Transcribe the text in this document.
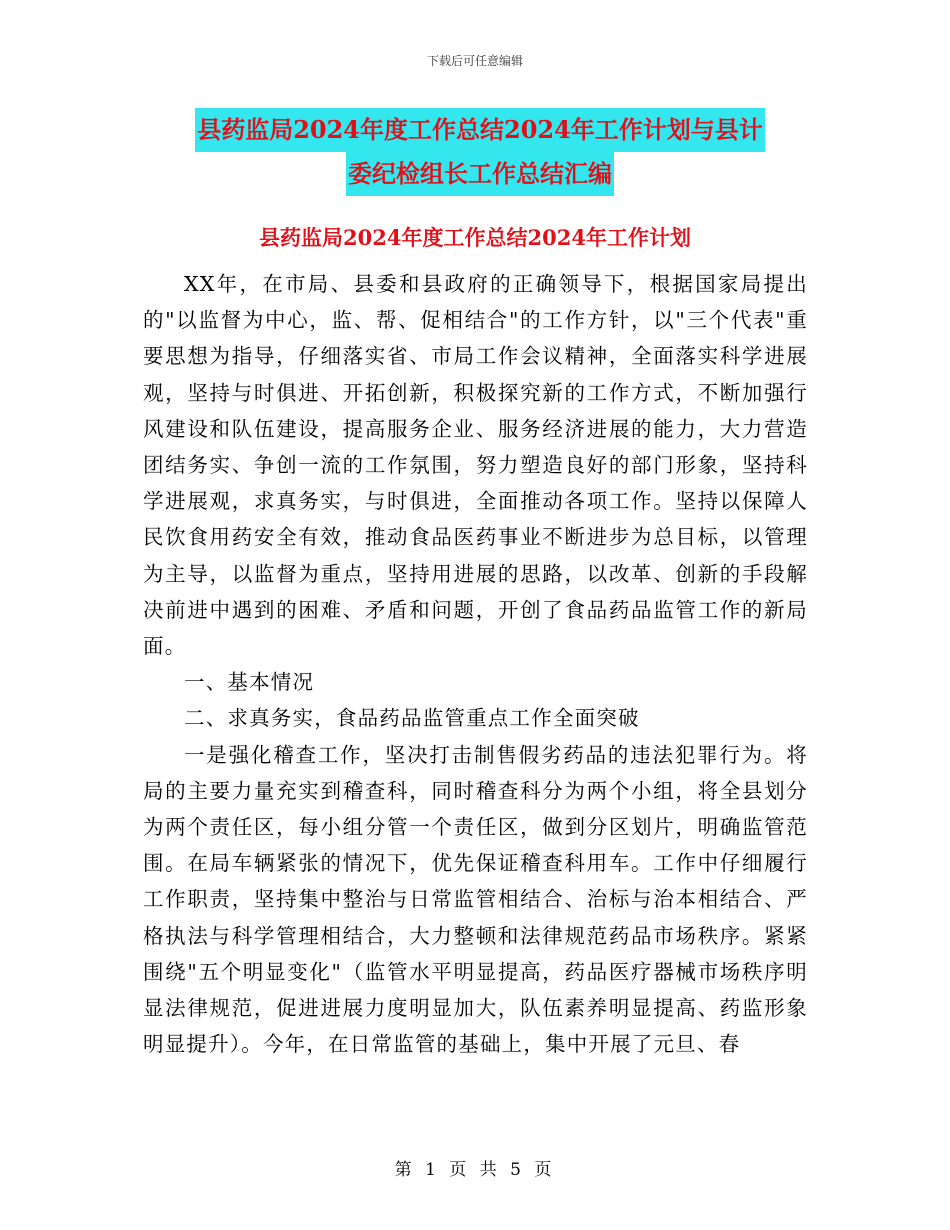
下载后可任意编辑
县药监局2024年度工作总结2024年工作计划与县计
委纪检组长工作总结汇编
县药监局2024年度工作总结2024年工作计划

XX年，在市局、县委和县政府的正确领导下，根据国家局提出的"以监督为中心，监、帮、促相结合"的工作方针，以"三个代表"重要思想为指导，仔细落实省、市局工作会议精神，全面落实科学进展观，坚持与时俱进、开拓创新，积极探究新的工作方式，不断加强行风建设和队伍建设，提高服务企业、服务经济进展的能力，大力营造团结务实、争创一流的工作氛围，努力塑造良好的部门形象，坚持科学进展观，求真务实，与时俱进，全面推动各项工作。坚持以保障人民饮食用药安全有效，推动食品医药事业不断进步为总目标，以管理为主导，以监督为重点，坚持用进展的思路，以改革、创新的手段解决前进中遇到的困难、矛盾和问题，开创了食品药品监管工作的新局面。

一、基本情况

二、求真务实，食品药品监管重点工作全面突破

一是强化稽查工作，坚决打击制售假劣药品的违法犯罪行为。将局的主要力量充实到稽查科，同时稽查科分为两个小组，将全县划分为两个责任区，每小组分管一个责任区，做到分区划片，明确监管范围。在局车辆紧张的情况下，优先保证稽查科用车。工作中仔细履行工作职责，坚持集中整治与日常监管相结合、治标与治本相结合、严格执法与科学管理相结合，大力整顿和法律规范药品市场秩序。紧紧围绕"五个明显变化"（监管水平明显提高，药品医疗器械市场秩序明显法律规范，促进进展力度明显加大，队伍素养明显提高、药监形象明显提升）。今年，在日常监管的基础上，集中开展了元旦、春

第 1 页 共 5 页
